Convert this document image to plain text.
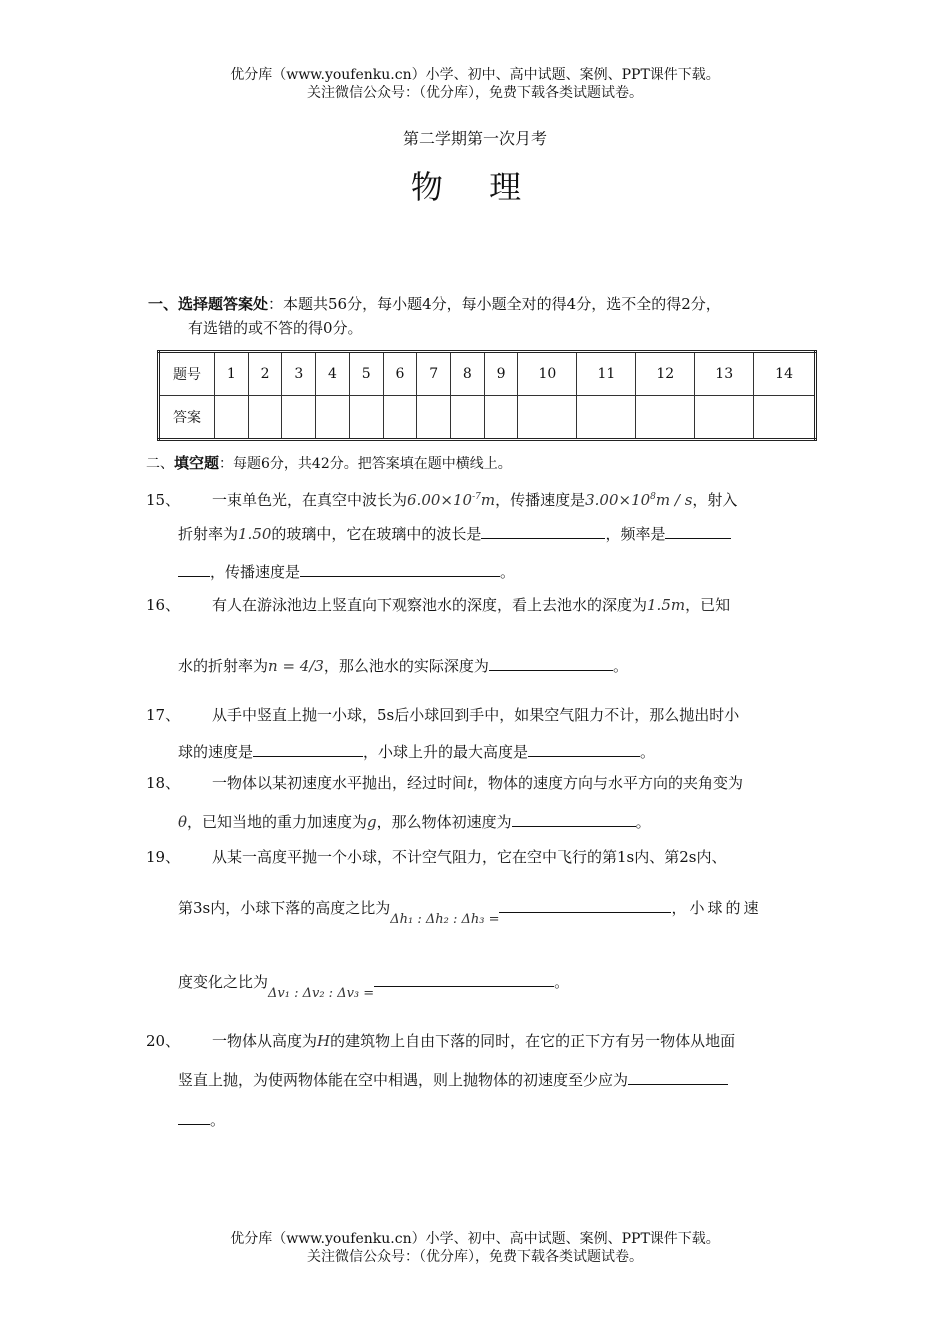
优分库（www.youfenku.cn）小学、初中、高中试题、案例、PPT课件下载。
关注微信公众号：（优分库），免费下载各类试题试卷。
第二学期第一次月考
物 理
一、选择题答案处：本题共56分，每小题4分，每小题全对的得4分，选不全的得2分，
有选错的或不答的得0分。
题号	1	2	3	4	5	6	7	8	9	10	11	12	13	14
答案														
二、填空题：每题6分，共42分。把答案填在题中横线上。
15、 一束单色光，在真空中波长为$6.00\times 10^{-7}m$，传播速度是$3.00\times 10^8m / s$，射入
折射率为1.50的玻璃中，它在玻璃中的波长是	，频率是
，传播速度是	。
16、 有人在游泳池边上竖直向下观察池水的深度，看上去池水的深度为1.5m，已知
水的折射率为n = 4/3，那么池水的实际深度为	。
17、 从手中竖直上抛一小球，5s后小球回到手中，如果空气阻力不计，那么抛出时小
球的速度是	，小球上升的最大高度是	。
18、 一物体以某初速度水平抛出，经过时间t，物体的速度方向与水平方向的夹角变为
θ，已知当地的重力加速度为g，那么物体初速度为	。
19、 从某一高度平抛一个小球，不计空气阻力，它在空中飞行的第1s内、第2s内、
第3s内，小球下落的高度之比为Δh₁ : Δh₂ : Δh₃ =，小球的速
度变化之比为Δv₁ : Δv₂ : Δv₃ =。
20、 一物体从高度为H的建筑物上自由下落的同时，在它的正下方有另一物体从地面
竖直上抛，为使两物体能在空中相遇，则上抛物体的初速度至少应为
。
优分库（www.youfenku.cn）小学、初中、高中试题、案例、PPT课件下载。
关注微信公众号：（优分库），免费下载各类试题试卷。
